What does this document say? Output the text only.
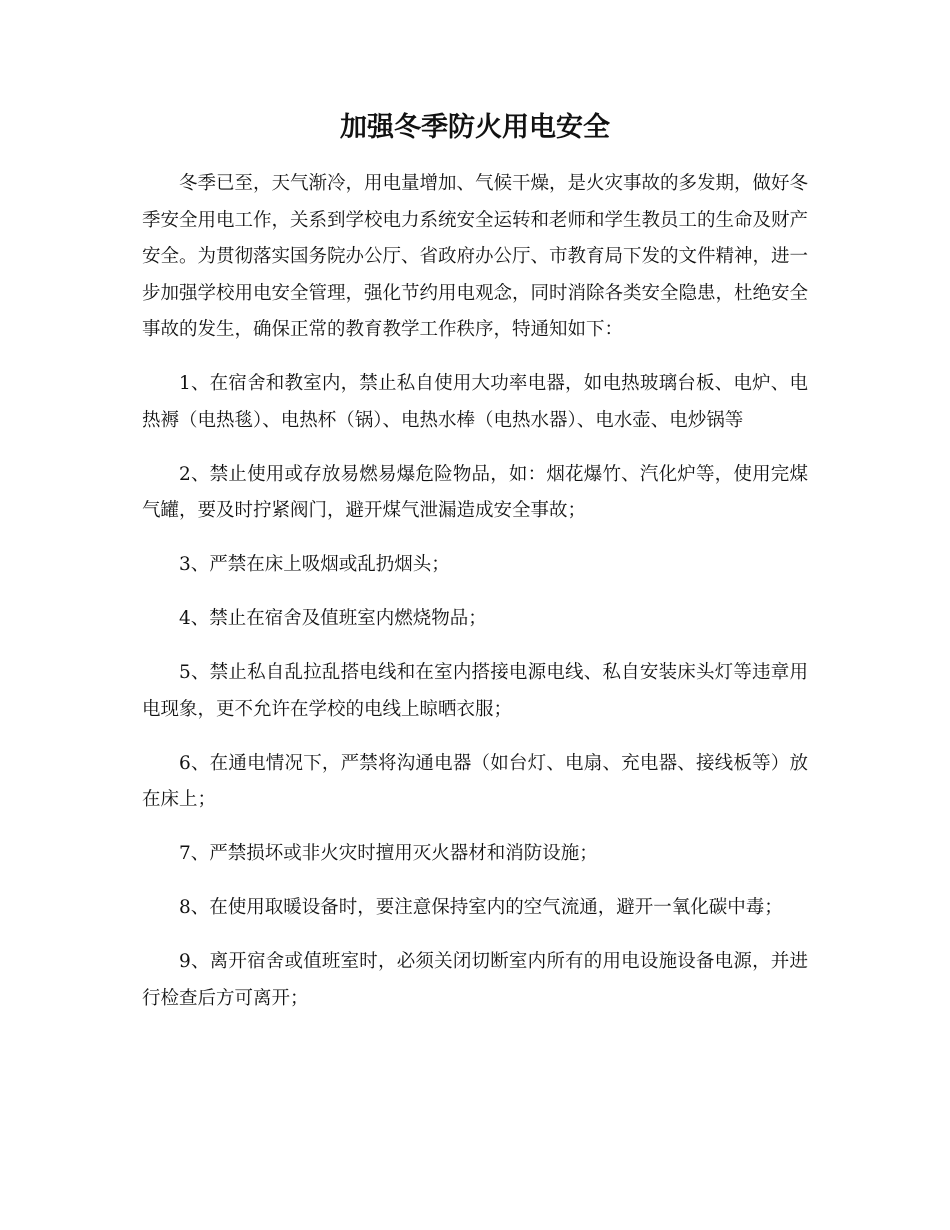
加强冬季防火用电安全

冬季已至，天气渐冷，用电量增加、气候干燥，是火灾事故的多发期，做好冬季安全用电工作，关系到学校电力系统安全运转和老师和学生教员工的生命及财产安全。为贯彻落实国务院办公厅、省政府办公厅、市教育局下发的文件精神，进一步加强学校用电安全管理，强化节约用电观念，同时消除各类安全隐患，杜绝安全事故的发生，确保正常的教育教学工作秩序，特通知如下：

1、在宿舍和教室内，禁止私自使用大功率电器，如电热玻璃台板、电炉、电热褥（电热毯）、电热杯（锅）、电热水棒（电热水器）、电水壶、电炒锅等

2、禁止使用或存放易燃易爆危险物品，如：烟花爆竹、汽化炉等，使用完煤气罐，要及时拧紧阀门，避开煤气泄漏造成安全事故；

3、严禁在床上吸烟或乱扔烟头；

4、禁止在宿舍及值班室内燃烧物品；

5、禁止私自乱拉乱搭电线和在室内搭接电源电线、私自安装床头灯等违章用电现象，更不允许在学校的电线上晾晒衣服；

6、在通电情况下，严禁将沟通电器（如台灯、电扇、充电器、接线板等）放在床上；

7、严禁损坏或非火灾时擅用灭火器材和消防设施；

8、在使用取暖设备时，要注意保持室内的空气流通，避开一氧化碳中毒；

9、离开宿舍或值班室时，必须关闭切断室内所有的用电设施设备电源，并进行检查后方可离开；
